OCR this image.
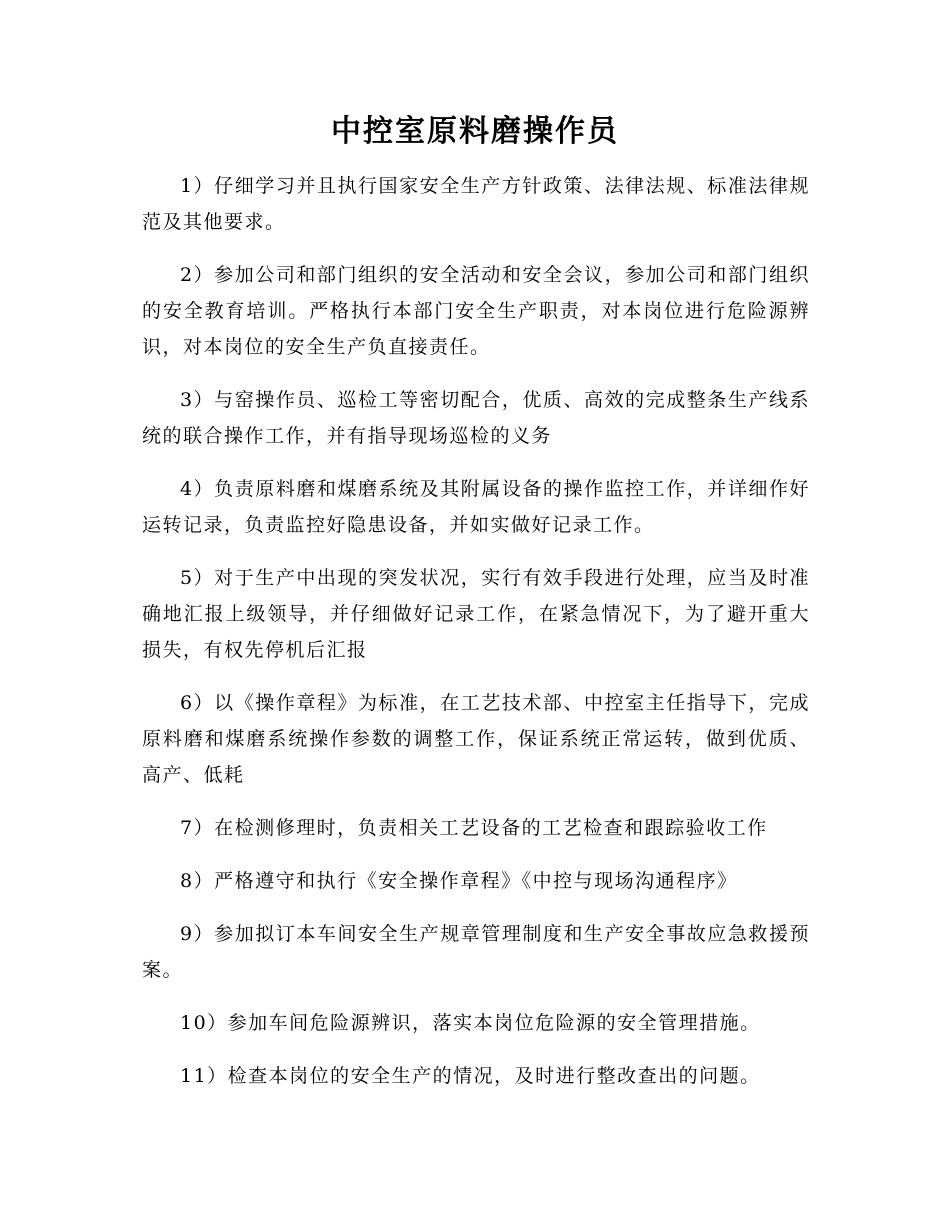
中控室原料磨操作员

1）仔细学习并且执行国家安全生产方针政策、法律法规、标准法律规范及其他要求。

2）参加公司和部门组织的安全活动和安全会议，参加公司和部门组织的安全教育培训。严格执行本部门安全生产职责，对本岗位进行危险源辨识，对本岗位的安全生产负直接责任。

3）与窑操作员、巡检工等密切配合，优质、高效的完成整条生产线系统的联合操作工作，并有指导现场巡检的义务

4）负责原料磨和煤磨系统及其附属设备的操作监控工作，并详细作好运转记录，负责监控好隐患设备，并如实做好记录工作。

5）对于生产中出现的突发状况，实行有效手段进行处理，应当及时准确地汇报上级领导，并仔细做好记录工作，在紧急情况下，为了避开重大损失，有权先停机后汇报

6）以《操作章程》为标准，在工艺技术部、中控室主任指导下，完成原料磨和煤磨系统操作参数的调整工作，保证系统正常运转，做到优质、高产、低耗

7）在检测修理时，负责相关工艺设备的工艺检查和跟踪验收工作

8）严格遵守和执行《安全操作章程》《中控与现场沟通程序》

9）参加拟订本车间安全生产规章管理制度和生产安全事故应急救援预案。

10）参加车间危险源辨识，落实本岗位危险源的安全管理措施。

11）检查本岗位的安全生产的情况，及时进行整改查出的问题。
